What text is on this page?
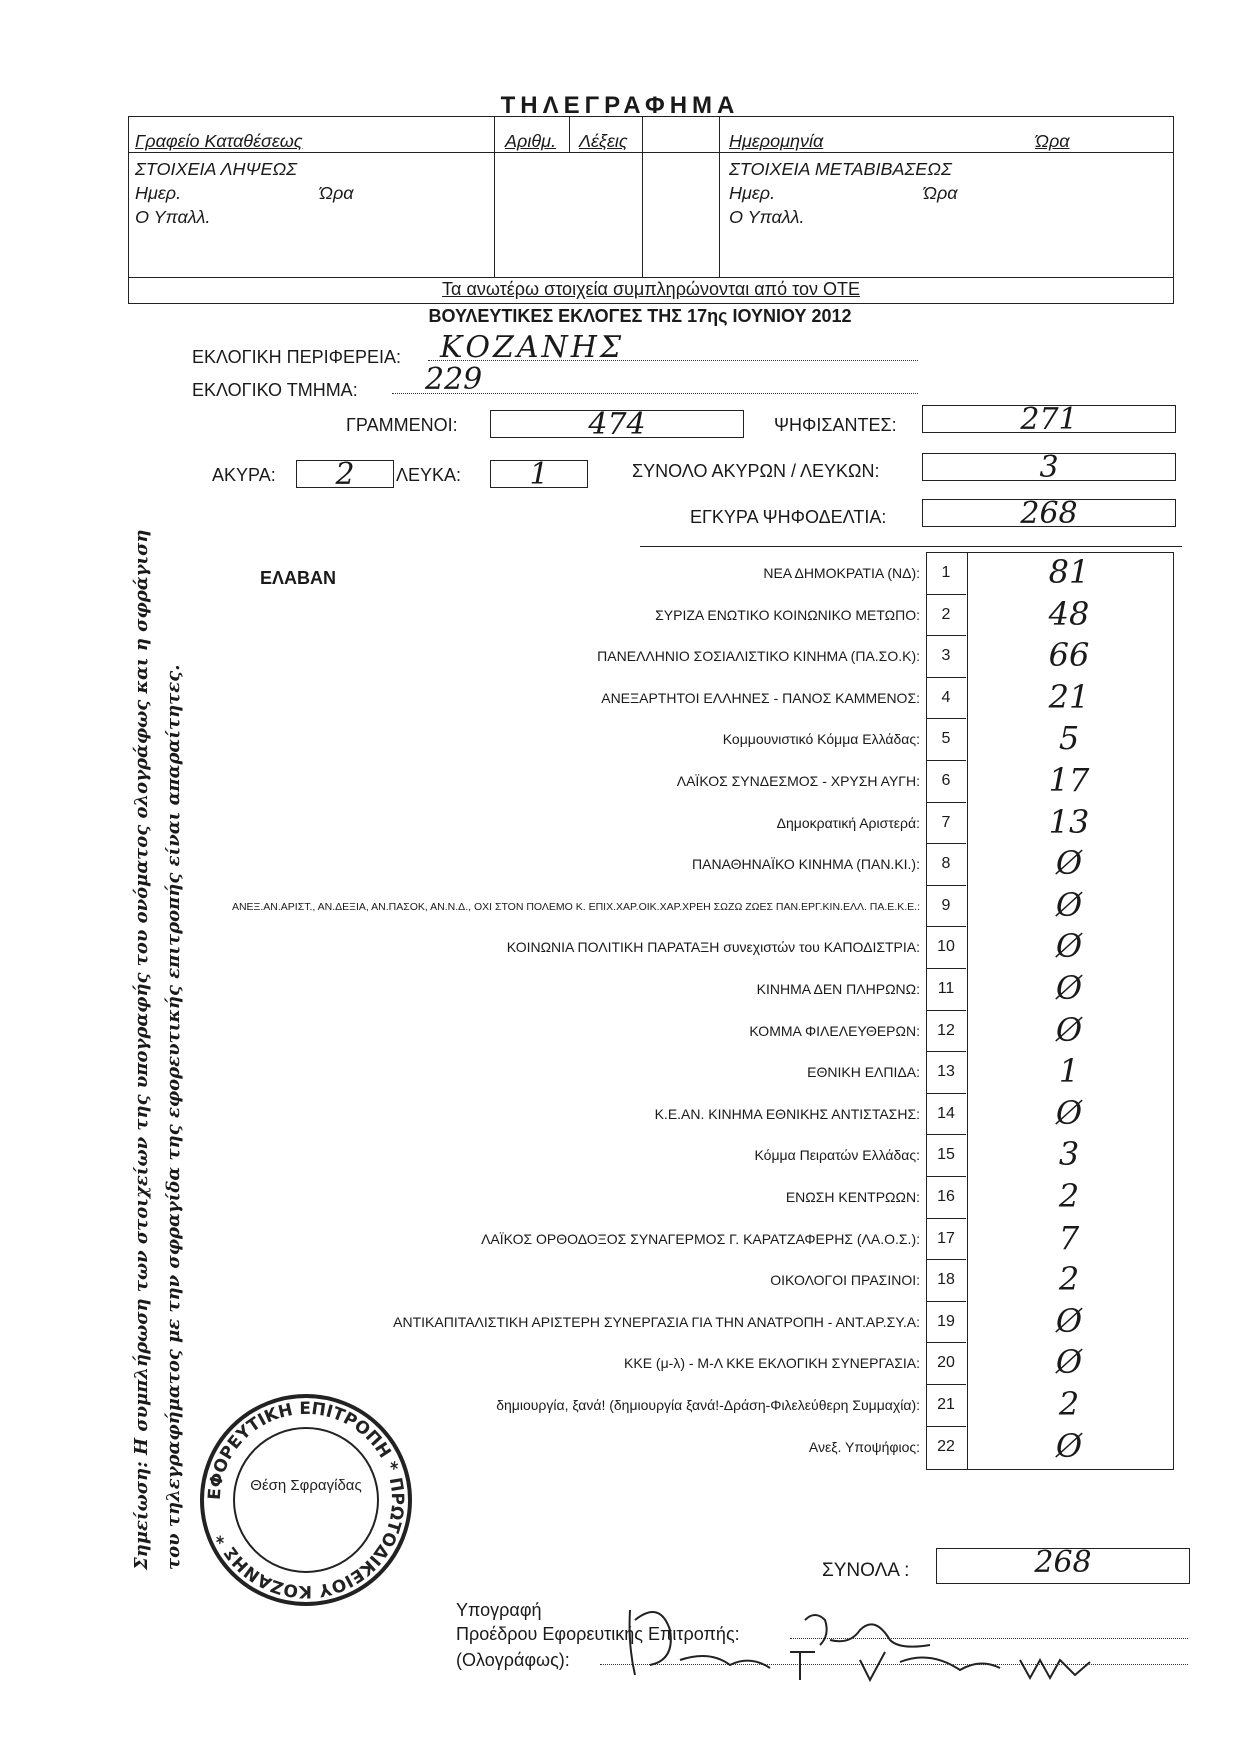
ΤΗΛΕΓΡΑΦΗΜΑ
Γραφείο Καταθέσεως	Αριθμ. Λέξεις	Ημερομηνία	Ώρα
ΣΤΟΙΧΕΙΑ ΛΗΨΕΩΣ
Ημερ.	Ώρα
Ο Υπαλλ.
ΣΤΟΙΧΕΙΑ ΜΕΤΑΒΙΒΑΣΕΩΣ
Ημερ.	Ώρα
Ο Υπαλλ.
Τα ανωτέρω στοιχεία συμπληρώνονται από τον ΟΤΕ
ΒΟΥΛΕΥΤΙΚΕΣ ΕΚΛΟΓΕΣ ΤΗΣ 17ης ΙΟΥΝΙΟΥ 2012
ΕΚΛΟΓΙΚΗ ΠΕΡΙΦΕΡΕΙΑ: ΚΟΖΑΝΗΣ
ΕΚΛΟΓΙΚΟ ΤΜΗΜΑ: 229
ΓΡΑΜΜΕΝΟΙ:	474	ΨΗΦΙΣΑΝΤΕΣ:	271
ΑΚΥΡΑ:	2	ΛΕΥΚΑ:	1	ΣΥΝΟΛΟ ΑΚΥΡΩΝ / ΛΕΥΚΩΝ:	3
ΕΓΚΥΡΑ ΨΗΦΟΔΕΛΤΙΑ:	268
ΕΛΑΒΑΝ	ΝΕΑ ΔΗΜΟΚΡΑΤΙΑ (ΝΔ):	1	81
ΣΥΡΙΖΑ ΕΝΩΤΙΚΟ ΚΟΙΝΩΝΙΚΟ ΜΕΤΩΠΟ:	2	48
ΠΑΝΕΛΛΗΝΙΟ ΣΟΣΙΑΛΙΣΤΙΚΟ ΚΙΝΗΜΑ (ΠΑ.ΣΟ.Κ):	3	66
ΑΝΕΞΑΡΤΗΤΟΙ ΕΛΛΗΝΕΣ - ΠΑΝΟΣ ΚΑΜΜΕΝΟΣ:	4	21
Κομμουνιστικό Κόμμα Ελλάδας:	5	5
ΛΑΪΚΟΣ ΣΥΝΔΕΣΜΟΣ - ΧΡΥΣΗ ΑΥΓΗ:	6	17
Δημοκρατική Αριστερά:	7	13
ΠΑΝΑΘΗΝΑΪΚΟ ΚΙΝΗΜΑ (ΠΑΝ.ΚΙ.):	8	Ø
ΑΝΕΞ.ΑΝ.ΑΡΙΣΤ., ΑΝ.ΔΕΞΙΑ, ΑΝ.ΠΑΣΟΚ, ΑΝ.Ν.Δ., ΟΧΙ ΣΤΟΝ ΠΟΛΕΜΟ Κ. ΕΠΙΧ.ΧΑΡ.ΟΙΚ.ΧΑΡ.ΧΡΕΗ ΣΩΖΩ ΖΩΕΣ ΠΑΝ.ΕΡΓ.ΚΙΝ.ΕΛΛ. ΠΑ.Ε.Κ.Ε.:	9	Ø
ΚΟΙΝΩΝΙΑ ΠΟΛΙΤΙΚΗ ΠΑΡΑΤΑΞΗ συνεχιστών του ΚΑΠΟΔΙΣΤΡΙΑ:	10	Ø
ΚΙΝΗΜΑ ΔΕΝ ΠΛΗΡΩΝΩ:	11	Ø
ΚΟΜΜΑ ΦΙΛΕΛΕΥΘΕΡΩΝ:	12	Ø
ΕΘΝΙΚΗ ΕΛΠΙΔΑ:	13	1
Κ.Ε.ΑΝ. ΚΙΝΗΜΑ ΕΘΝΙΚΗΣ ΑΝΤΙΣΤΑΣΗΣ:	14	Ø
Κόμμα Πειρατών Ελλάδας:	15	3
ΕΝΩΣΗ ΚΕΝΤΡΩΩΝ:	16	2
ΛΑΪΚΟΣ ΟΡΘΟΔΟΞΟΣ ΣΥΝΑΓΕΡΜΟΣ Γ. ΚΑΡΑΤΖΑΦΕΡΗΣ (ΛΑ.Ο.Σ.):	17	7
ΟΙΚΟΛΟΓΟΙ ΠΡΑΣΙΝΟΙ:	18	2
ΑΝΤΙΚΑΠΙΤΑΛΙΣΤΙΚΗ ΑΡΙΣΤΕΡΗ ΣΥΝΕΡΓΑΣΙΑ ΓΙΑ ΤΗΝ ΑΝΑΤΡΟΠΗ - ΑΝΤ.ΑΡ.ΣΥ.Α:	19	Ø
ΚΚΕ (μ-λ) - Μ-Λ ΚΚΕ ΕΚΛΟΓΙΚΗ ΣΥΝΕΡΓΑΣΙΑ:	20	Ø
δημιουργία, ξανά! (δημιουργία ξανά!-Δράση-Φιλελεύθερη Συμμαχία):	21	2
Ανεξ. Υποψήφιος:	22	Ø
ΣΥΝΟΛΑ :	268
Υπογραφή
Προέδρου Εφορευτικής Επιτροπής:
(Ολογράφως):
ΕΦΟΡΕΥΤΙΚΗ ΕΠΙΤΡΟΠΗ * ΠΡΩΤΟΔΙΚΕΙΟΥ ΚΟΖΑΝΗΣ *
Θέση Σφραγίδας
Σημείωση: Η συμπλήρωση των στοιχείων της υπογραφής του ονόματος ολογράφως και η σφράγιση του τηλεγραφήματος με την σφραγίδα της εφορευτικής επιτροπής είναι απαραίτητες.
